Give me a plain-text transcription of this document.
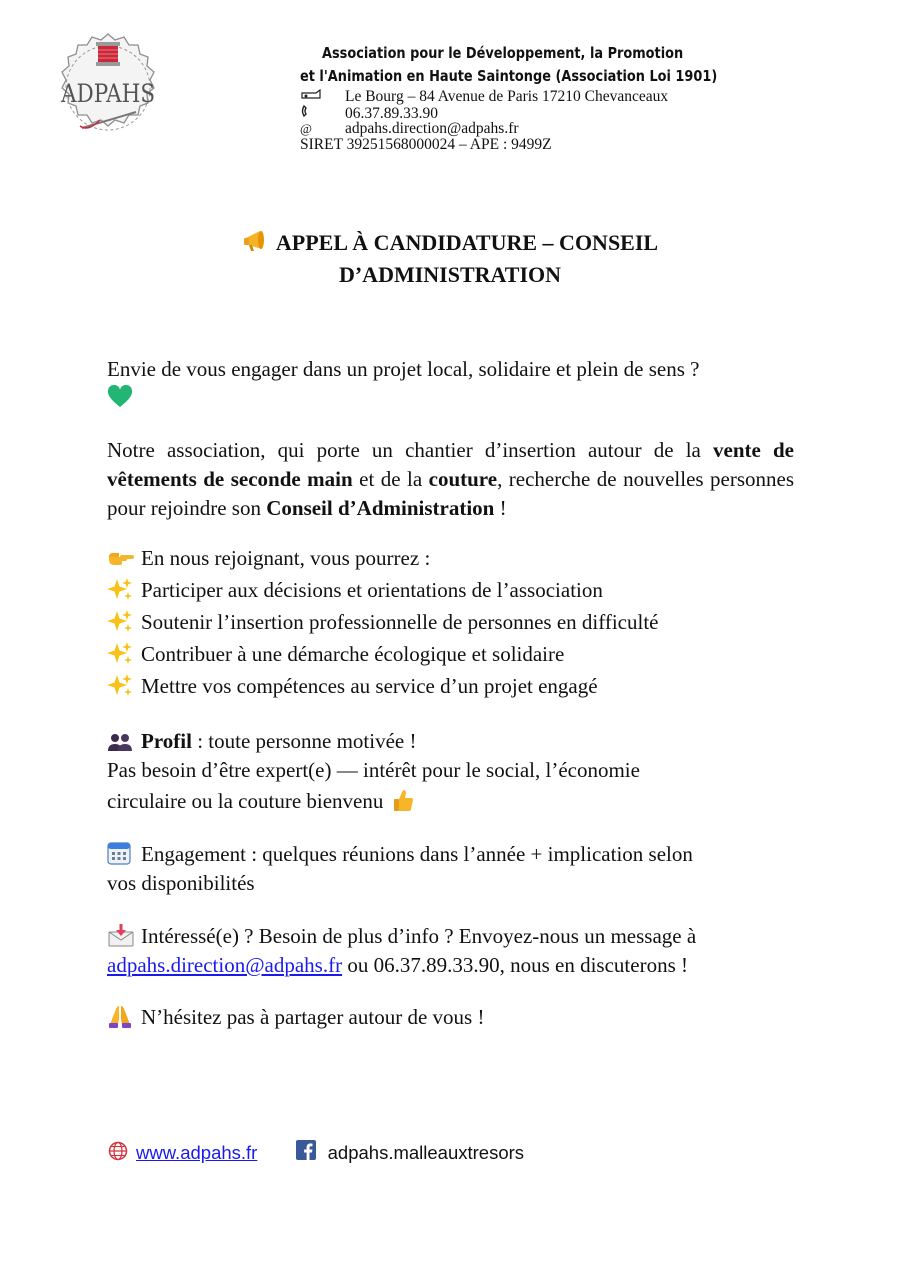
ADPAHS
Association pour le Développement, la Promotion
et l'Animation en Haute Saintonge (Association Loi 1901)
Le Bourg – 84 Avenue de Paris 17210 Chevanceaux
06.37.89.33.90
@ adpahs.direction@adpahs.fr
SIRET 39251568000024 – APE : 9499Z
APPEL À CANDIDATURE – CONSEIL
D’ADMINISTRATION
Envie de vous engager dans un projet local, solidaire et plein de sens ?
Notre association, qui porte un chantier d’insertion autour de la vente de vêtements de seconde main et de la couture, recherche de nouvelles personnes pour rejoindre son Conseil d’Administration !
En nous rejoignant, vous pourrez :
Participer aux décisions et orientations de l’association
Soutenir l’insertion professionnelle de personnes en difficulté
Contribuer à une démarche écologique et solidaire
Mettre vos compétences au service d’un projet engagé
Profil : toute personne motivée !
Pas besoin d’être expert(e) — intérêt pour le social, l’économie
circulaire ou la couture bienvenu
Engagement : quelques réunions dans l’année + implication selon
vos disponibilités
Intéressé(e) ? Besoin de plus d’info ? Envoyez-nous un message à
adpahs.direction@adpahs.fr ou 06.37.89.33.90, nous en discuterons !
N’hésitez pas à partager autour de vous !
www.adpahs.fr	adpahs.malleauxtresors
